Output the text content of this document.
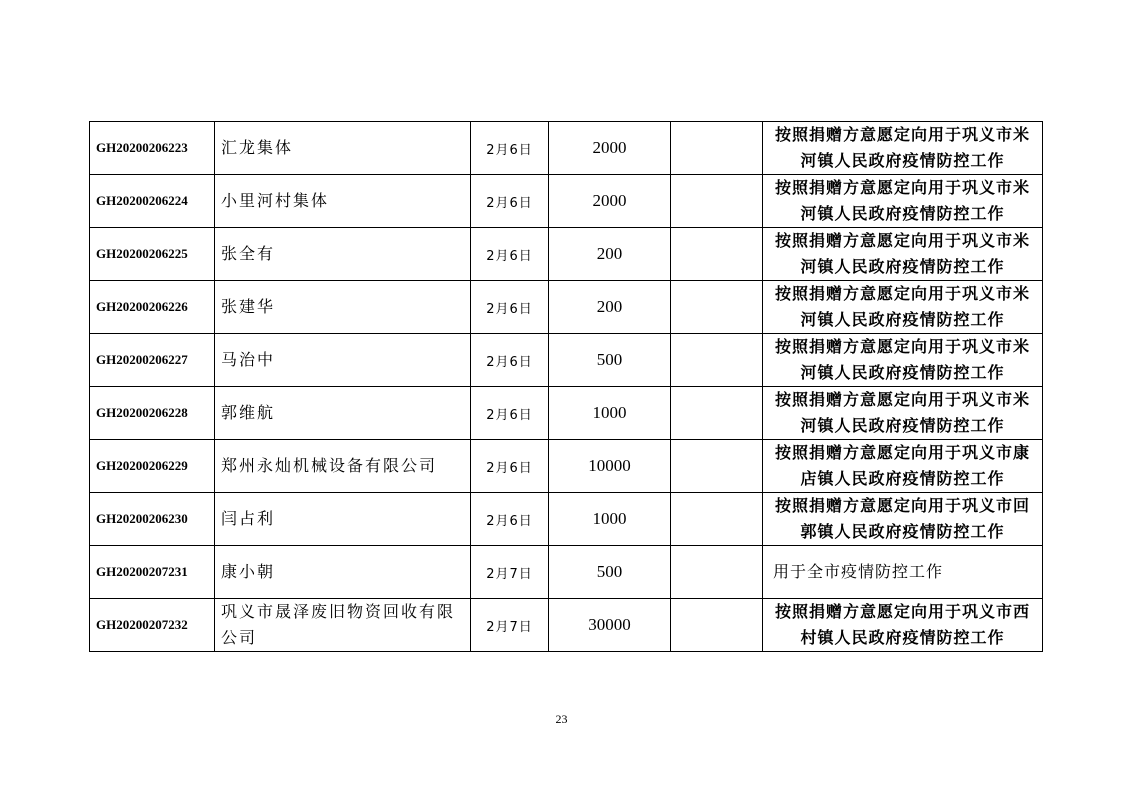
GH20200206223	汇龙集体	2月6日	2000		按照捐赠方意愿定向用于巩义市米河镇人民政府疫情防控工作
GH20200206224	小里河村集体	2月6日	2000		按照捐赠方意愿定向用于巩义市米河镇人民政府疫情防控工作
GH20200206225	张全有	2月6日	200		按照捐赠方意愿定向用于巩义市米河镇人民政府疫情防控工作
GH20200206226	张建华	2月6日	200		按照捐赠方意愿定向用于巩义市米河镇人民政府疫情防控工作
GH20200206227	马治中	2月6日	500		按照捐赠方意愿定向用于巩义市米河镇人民政府疫情防控工作
GH20200206228	郭维航	2月6日	1000		按照捐赠方意愿定向用于巩义市米河镇人民政府疫情防控工作
GH20200206229	郑州永灿机械设备有限公司	2月6日	10000		按照捐赠方意愿定向用于巩义市康店镇人民政府疫情防控工作
GH20200206230	闫占利	2月6日	1000		按照捐赠方意愿定向用于巩义市回郭镇人民政府疫情防控工作
GH20200207231	康小朝	2月7日	500		用于全市疫情防控工作
GH20200207232	巩义市晟泽废旧物资回收有限公司	2月7日	30000		按照捐赠方意愿定向用于巩义市西村镇人民政府疫情防控工作
23
